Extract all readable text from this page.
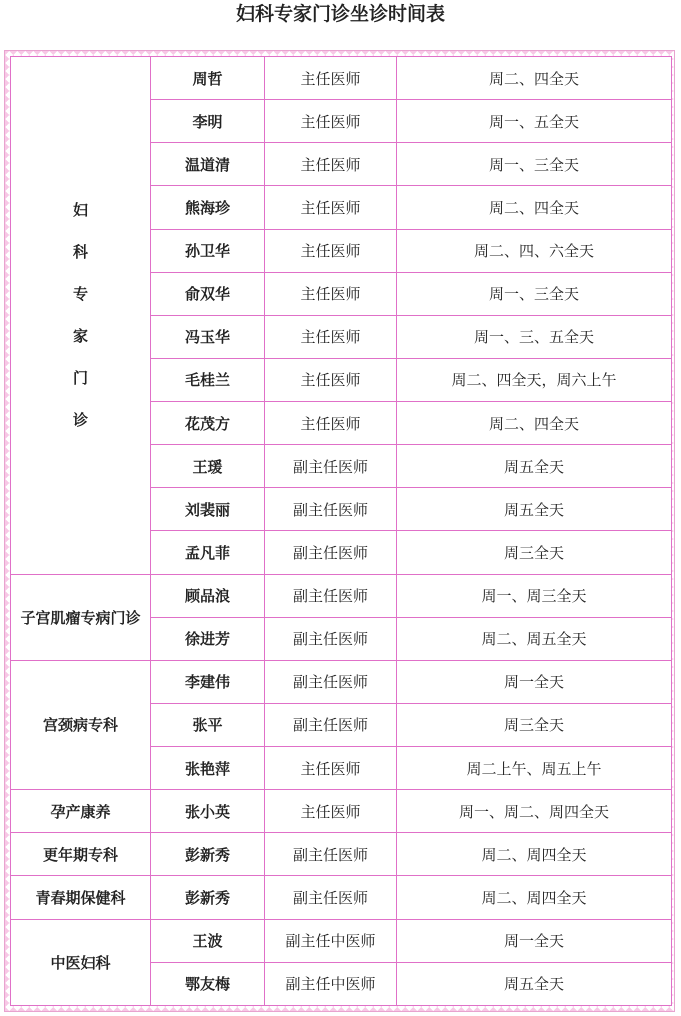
妇科专家门诊坐诊时间表
妇科专家门诊	周哲	主任医师	周二、四全天
	李明	主任医师	周一、五全天
	温道清	主任医师	周一、三全天
	熊海珍	主任医师	周二、四全天
	孙卫华	主任医师	周二、四、六全天
	俞双华	主任医师	周一、三全天
	冯玉华	主任医师	周一、三、五全天
	毛桂兰	主任医师	周二、四全天，周六上午
	花茂方	主任医师	周二、四全天
	王瑗	副主任医师	周五全天
	刘裴丽	副主任医师	周五全天
	孟凡菲	副主任医师	周三全天
子宫肌瘤专病门诊	顾品浪	副主任医师	周一、周三全天
	徐进芳	副主任医师	周二、周五全天
宫颈病专科	李建伟	副主任医师	周一全天
	张平	副主任医师	周三全天
	张艳萍	主任医师	周二上午、周五上午
孕产康养	张小英	主任医师	周一、周二、周四全天
更年期专科	彭新秀	副主任医师	周二、周四全天
青春期保健科	彭新秀	副主任医师	周二、周四全天
中医妇科	王波	副主任中医师	周一全天
	鄂友梅	副主任中医师	周五全天
